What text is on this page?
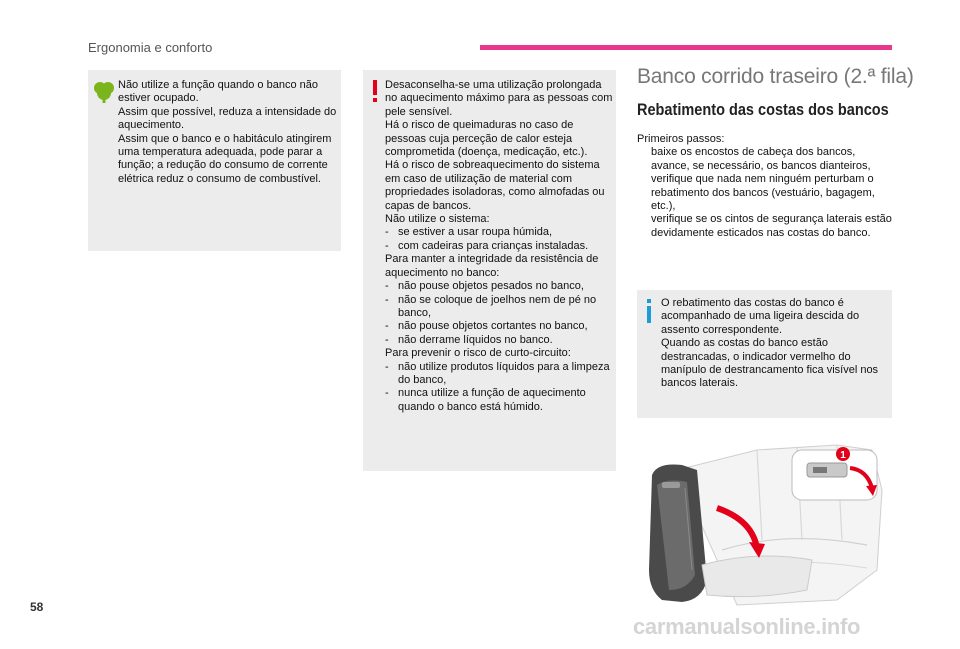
Ergonomia e conforto
Não utilize a função quando o banco não estiver ocupado.
Assim que possível, reduza a intensidade do aquecimento.
Assim que o banco e o habitáculo atingirem uma temperatura adequada, pode parar a função; a redução do consumo de corrente elétrica reduz o consumo de combustível.
Desaconselha-se uma utilização prolongada no aquecimento máximo para as pessoas com pele sensível.
Há o risco de queimaduras no caso de pessoas cuja perceção de calor esteja comprometida (doença, medicação, etc.).
Há o risco de sobreaquecimento do sistema em caso de utilização de material com propriedades isoladoras, como almofadas ou capas de bancos.
Não utilize o sistema:
-	se estiver a usar roupa húmida,
-	com cadeiras para crianças instaladas.
Para manter a integridade da resistência de aquecimento no banco:
-	não pouse objetos pesados no banco,
-	não se coloque de joelhos nem de pé no banco,
-	não pouse objetos cortantes no banco,
-	não derrame líquidos no banco.
Para prevenir o risco de curto-circuito:
-	não utilize produtos líquidos para a limpeza do banco,
-	nunca utilize a função de aquecimento quando o banco está húmido.
Banco corrido traseiro (2.ª fila)
Rebatimento das costas dos bancos
Primeiros passos:
baixe os encostos de cabeça dos bancos,
avance, se necessário, os bancos dianteiros,
verifique que nada nem ninguém perturbam o rebatimento dos bancos (vestuário, bagagem, etc.),
verifique se os cintos de segurança laterais estão devidamente esticados nas costas do banco.
O rebatimento das costas do banco é acompanhado de uma ligeira descida do assento correspondente.
Quando as costas do banco estão destrancadas, o indicador vermelho do manípulo de destrancamento fica visível nos bancos laterais.
1
58
carmanualsonline.info
